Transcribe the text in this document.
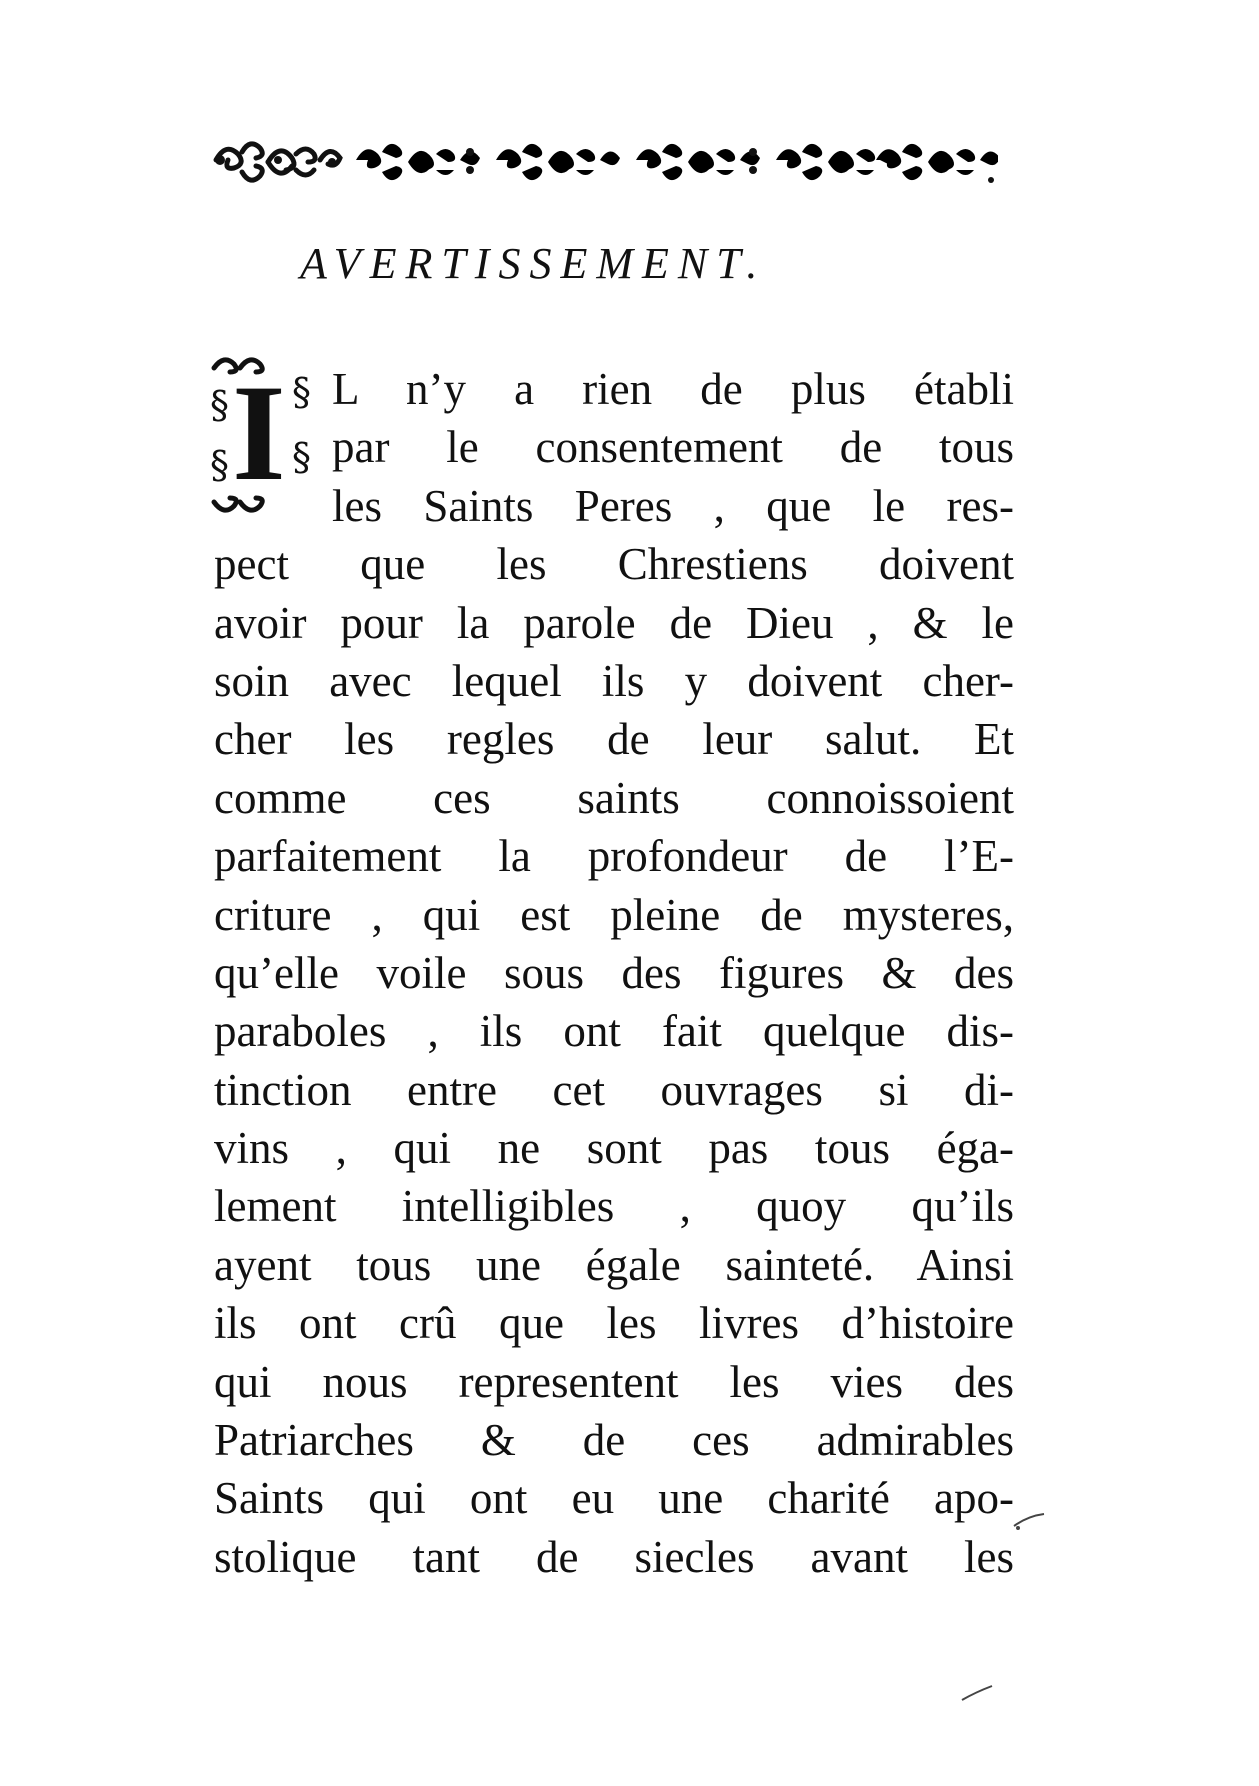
AVERTISSEMENT.
§
§
§
§
I	L n’y a rien de plus établi
par le consentement de tous
les Saints Peres , que le res-
pect que les Chrestiens doivent
avoir pour la parole de Dieu , & le
soin avec lequel ils y doivent cher-
cher les regles de leur salut. Et
comme ces saints connoissoient
parfaitement la profondeur de l’E-
criture , qui est pleine de mysteres,
qu’elle voile sous des figures & des
paraboles , ils ont fait quelque dis-
tinction entre cet ouvrages si di-
vins , qui ne sont pas tous éga-
lement intelligibles , quoy qu’ils
ayent tous une égale sainteté. Ainsi
ils ont crû que les livres d’histoire
qui nous representent les vies des
Patriarches & de ces admirables
Saints qui ont eu une charité apo-
stolique tant de siecles avant les
